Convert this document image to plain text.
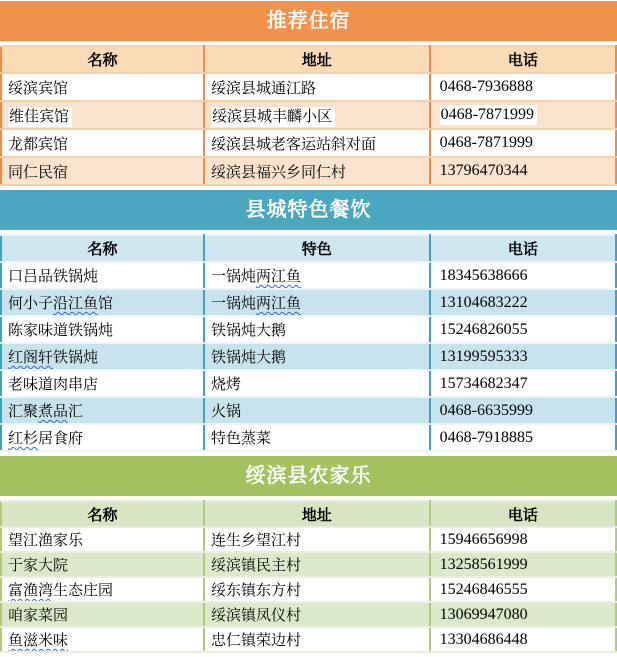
推荐住宿
名称	地址	电话
绥滨宾馆	绥滨县城通江路	0468-7936888
维佳宾馆	绥滨县城丰麟小区	0468-7871999
龙都宾馆	绥滨县城老客运站斜对面	0468-7871999
同仁民宿	绥滨县福兴乡同仁村	13796470344
县城特色餐饮
名称	特色	电话
口吕品铁锅炖	一锅炖两江鱼	18345638666
何小子沿江鱼馆	一锅炖两江鱼	13104683222
陈家味道铁锅炖	铁锅炖大鹅	15246826055
红阁轩铁锅炖	铁锅炖大鹅	13199595333
老味道肉串店	烧烤	15734682347
汇聚煮品汇	火锅	0468-6635999
红杉居食府	特色蒸菜	0468-7918885
绥滨县农家乐
名称	地址	电话
望江渔家乐	连生乡望江村	15946656998
于家大院	绥滨镇民主村	13258561999
富渔湾生态庄园	绥东镇东方村	15246846555
咱家菜园	绥滨镇凤仪村	13069947080
鱼滋米味	忠仁镇荣边村	13304686448
